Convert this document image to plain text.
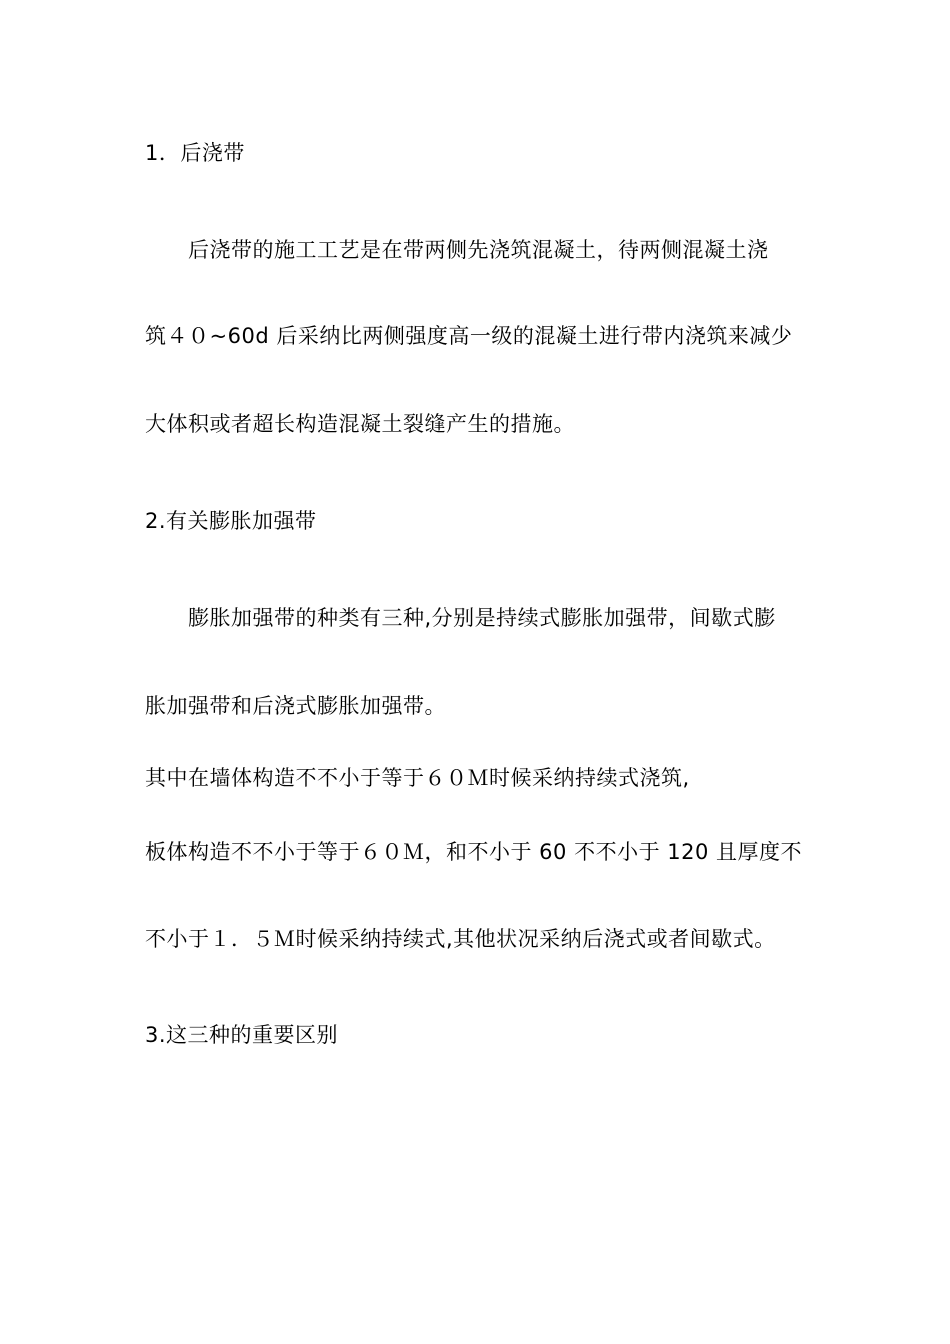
1．后浇带
后浇带的施工工艺是在带两侧先浇筑混凝土，待两侧混凝土浇
筑４０~60d 后采纳比两侧强度高一级的混凝土进行带内浇筑来减少
大体积或者超长构造混凝土裂缝产生的措施。
2.有关膨胀加强带
膨胀加强带的种类有三种,分别是持续式膨胀加强带，间歇式膨
胀加强带和后浇式膨胀加强带。
其中在墙体构造不不小于等于６０Ｍ时候采纳持续式浇筑,
板体构造不不小于等于６０Ｍ，和不小于 60 不不小于 120 且厚度不
不小于１．５Ｍ时候采纳持续式,其他状况采纳后浇式或者间歇式。
3.这三种的重要区别
